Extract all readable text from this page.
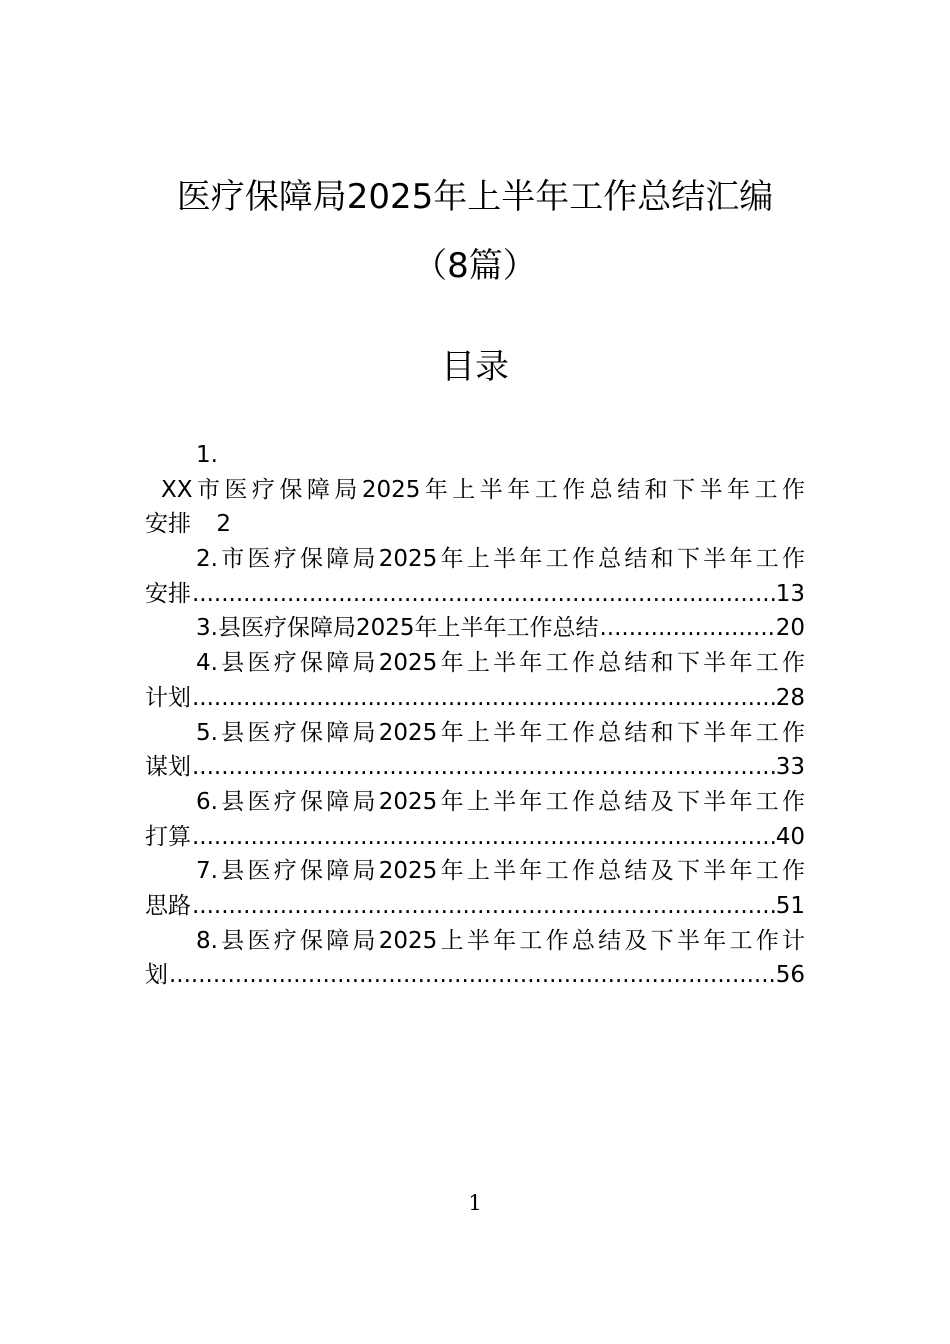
医疗保障局2025年上半年工作总结汇编
（8篇）
目录
1.
XX市医疗保障局2025年上半年工作总结和下半年工作
安排 2
2.市医疗保障局2025年上半年工作总结和下半年工作
安排 .....	13
3.县医疗保障局2025年上半年工作总结 .....	20
4.县医疗保障局2025年上半年工作总结和下半年工作
计划 .....	28
5.县医疗保障局2025年上半年工作总结和下半年工作
谋划 .....	33
6.县医疗保障局2025年上半年工作总结及下半年工作
打算 .....	40
7.县医疗保障局2025年上半年工作总结及下半年工作
思路 .....	51
8.县医疗保障局2025上半年工作总结及下半年工作计
划 .....	56
1
